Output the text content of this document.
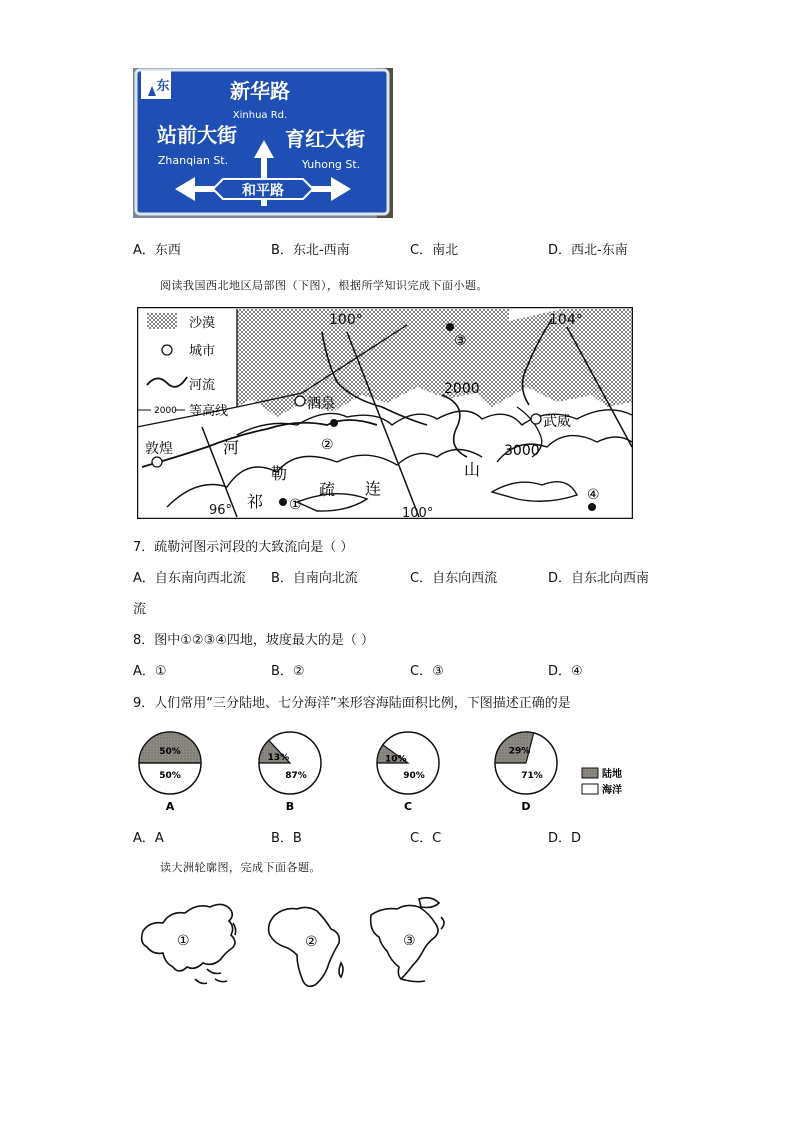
东	新华路
Xinhua Rd.
站前大街
Zhanqian St.
育红大街
Yuhong St.
和平路
A．东西	B．东北-西南	C．南北	D．西北-东南
阅读我国西北地区局部图（下图），根据所学知识完成下面小题。
沙漠
城市
河流
2000 等高线
100°	104°
96°	100°
2000
3000
酒泉
武威
敦煌
①
②
③
④
河
勒
疏
祁
连
山
7．疏勒河图示河段的大致流向是（ ）
A．自东南向西北流 B．自南向北流	C．自东向西流	D．自东北向西南
流
8．图中①②③④四地，坡度最大的是（ ）
A．①	B．②	C．③	D．④
9．人们常用“三分陆地、七分海洋”来形容海陆面积比例，下图描述正确的是
50%
50%
A
13%
87%
B
10%
90%
C
29%
71%
D
陆地
海洋
A．A	B．B	C．C	D．D
读大洲轮廓图，完成下面各题。
①	②	③
